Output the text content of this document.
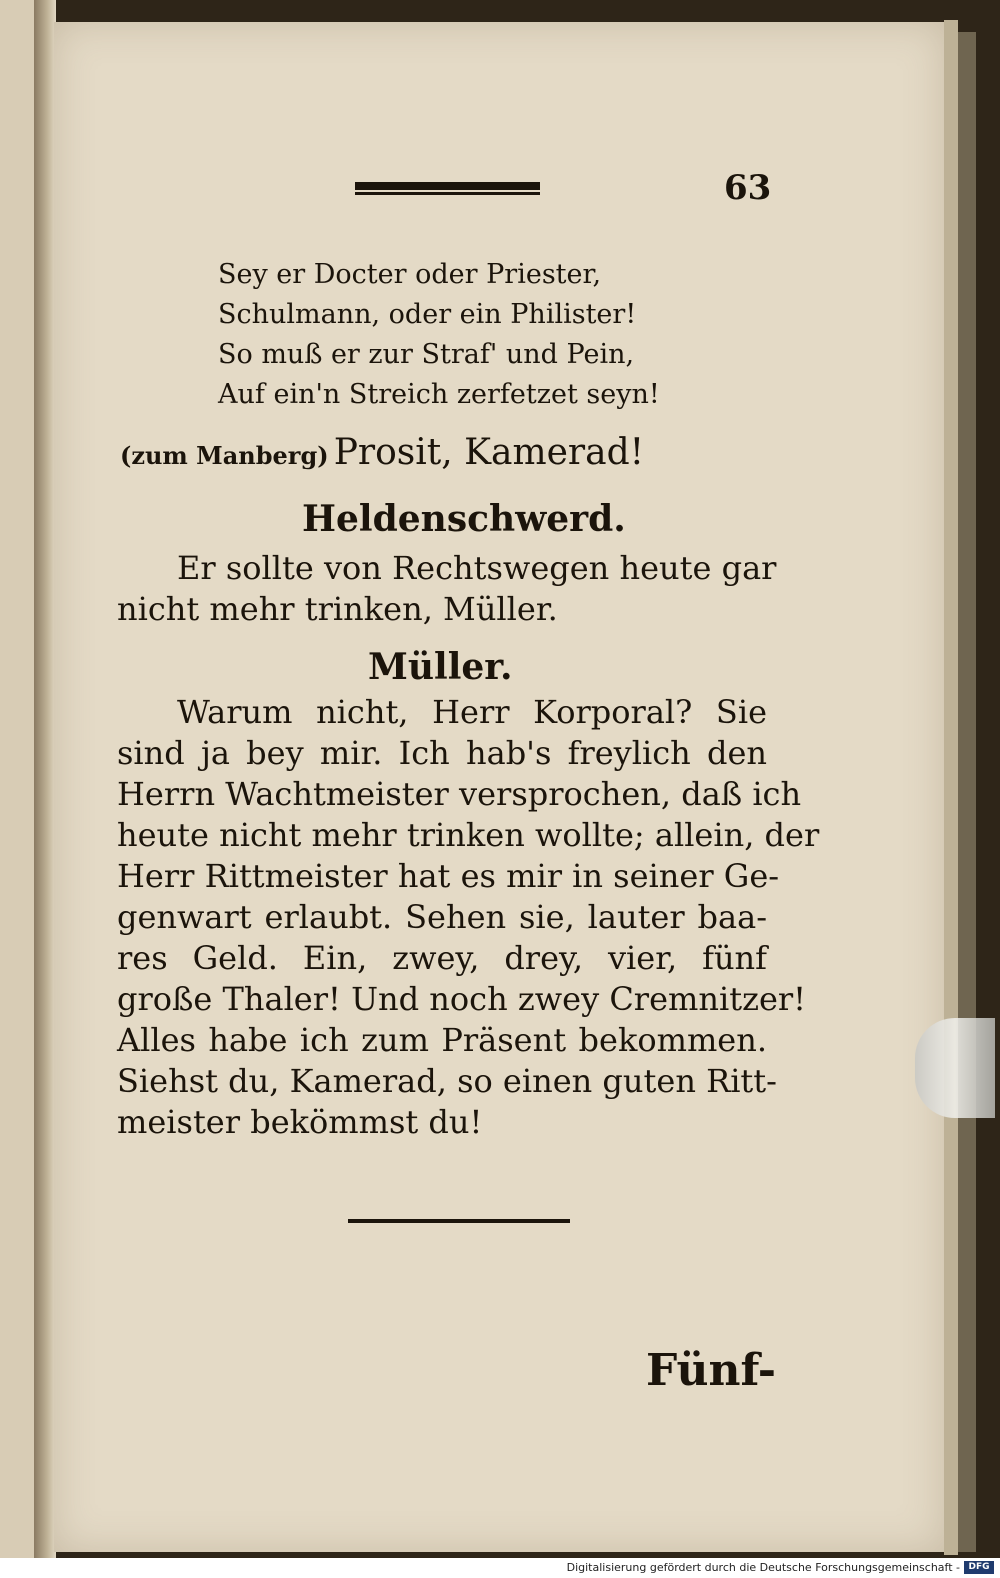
63
Sey er Docter oder Priester,
Schulmann, oder ein Philister!
So muß er zur Straf' und Pein,
Auf ein'n Streich zerfetzet seyn!
(zum Manberg) Prosit, Kamerad!
Heldenschwerd.
Er sollte von Rechtswegen heute gar
nicht mehr trinken, Müller.
Müller.
Warum nicht, Herr Korporal? Sie
sind ja bey mir. Ich hab's freylich den
Herrn Wachtmeister versprochen, daß ich
heute nicht mehr trinken wollte; allein, der
Herr Rittmeister hat es mir in seiner Ge-
genwart erlaubt. Sehen sie, lauter baa-
res Geld. Ein, zwey, drey, vier, fünf
große Thaler! Und noch zwey Cremnitzer!
Alles habe ich zum Präsent bekommen.
Siehst du, Kamerad, so einen guten Ritt-
meister bekömmst du!
Fünf-
Digitalisierung gefördert durch die Deutsche Forschungsgemeinschaft - DFG
